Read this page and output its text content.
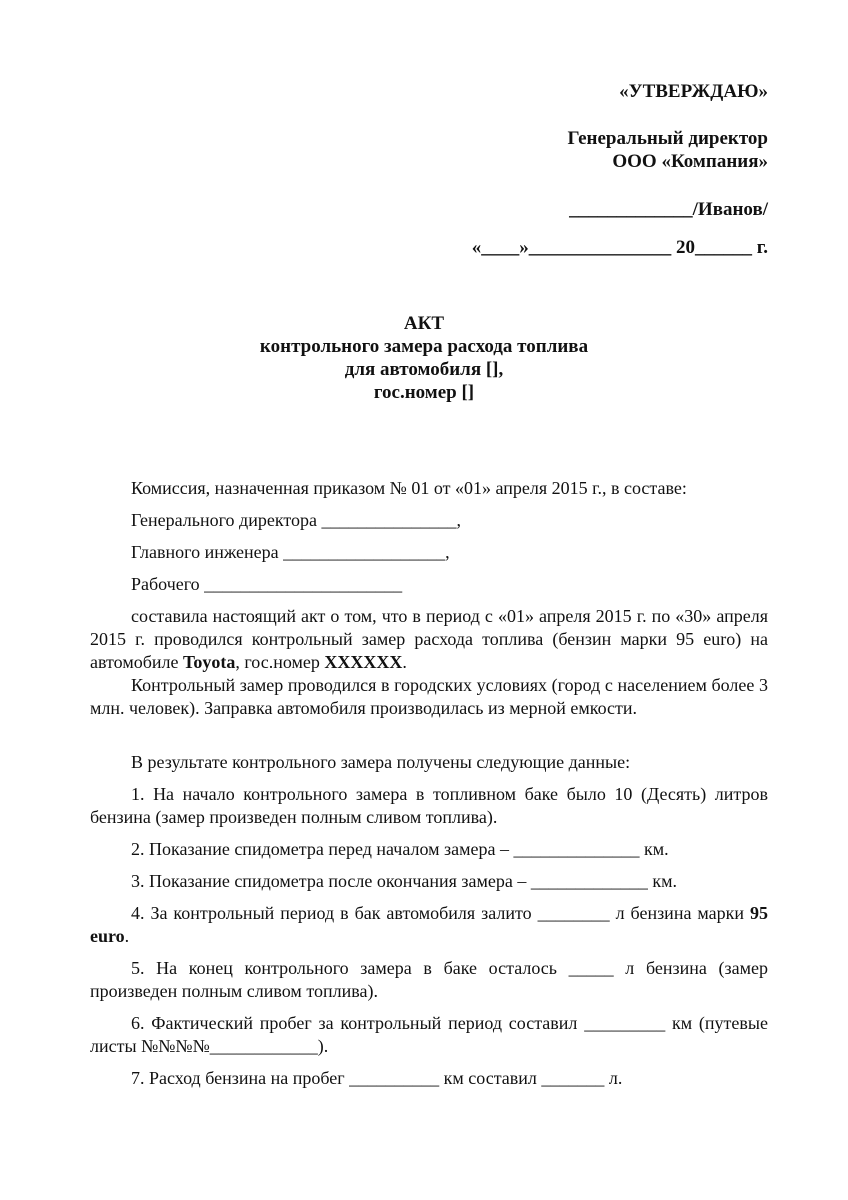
«УТВЕРЖДАЮ»
Генеральный директор
ООО «Компания»
_____________/Иванов/
«____»_______________ 20______ г.
АКТ
контрольного замера расхода топлива
для автомобиля [],
гос.номер []
Комиссия, назначенная приказом № 01 от «01» апреля 2015 г., в составе:
Генерального директора _______________,
Главного инженера __________________,
Рабочего ______________________
составила настоящий акт о том, что в период с «01» апреля 2015 г. по «30» апреля 2015 г. проводился контрольный замер расхода топлива (бензин марки 95 euro) на автомобиле Toyota, гос.номер XXXXXX.
Контрольный замер проводился в городских условиях (город с населением более 3 млн. человек). Заправка автомобиля производилась из мерной емкости.
В результате контрольного замера получены следующие данные:
1. На начало контрольного замера в топливном баке было 10 (Десять) литров бензина (замер произведен полным сливом топлива).
2. Показание спидометра перед началом замера – ______________ км.
3. Показание спидометра после окончания замера – _____________ км.
4. За контрольный период в бак автомобиля залито ________ л бензина марки 95 euro.
5. На конец контрольного замера в баке осталось _____ л бензина (замер произведен полным сливом топлива).
6. Фактический пробег за контрольный период составил _________ км (путевые листы №№№№____________).
7. Расход бензина на пробег __________ км составил _______ л.
